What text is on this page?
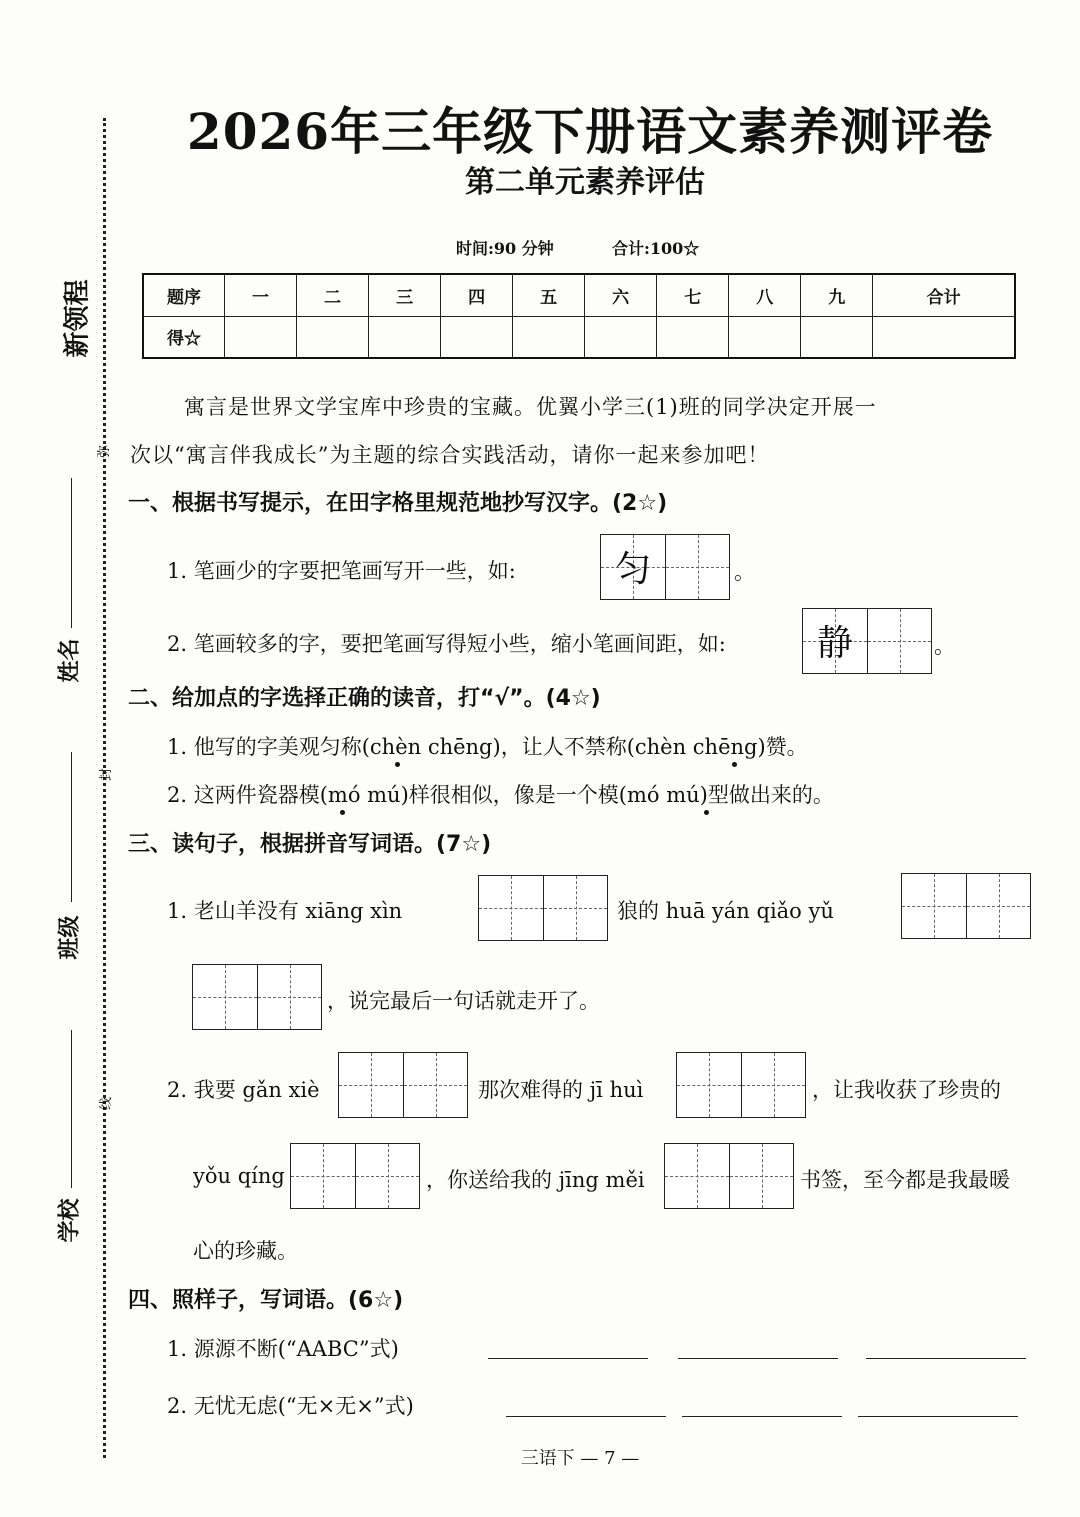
新领程
姓名
班级
学校
弥
封
线
2026年三年级下册语文素养测评卷
第二单元素养评估
时间:90 分钟	合计:100☆
题序	一	二	三	四	五	六	七	八	九	合计
得☆										
寓言是世界文学宝库中珍贵的宝藏。优翼小学三(1)班的同学决定开展一
次以“寓言伴我成长”为主题的综合实践活动，请你一起来参加吧！
一、根据书写提示，在田字格里规范地抄写汉字。(2☆)
1. 笔画少的字要把笔画写开一些，如:	匀	。
2. 笔画较多的字，要把笔画写得短小些，缩小笔画间距，如:	静	。
二、给加点的字选择正确的读音，打“√”。(4☆)
1. 他写的字美观匀称(chèn chēng)，让人不禁称(chèn chēng)赞。
2. 这两件瓷器模(mó mú)样很相似，像是一个模(mó mú)型做出来的。
三、读句子，根据拼音写词语。(7☆)
1. 老山羊没有 xiāng xìn	狼的 huā yán qiǎo yǔ
，说完最后一句话就走开了。
2. 我要 gǎn xiè	那次难得的 jī huì	，让我收获了珍贵的
yǒu qíng	，你送给我的 jīng měi	书签，至今都是我最暖
心的珍藏。
四、照样子，写词语。(6☆)
1. 源源不断(“AABC”式)
2. 无忧无虑(“无×无×”式)
三语下 — 7 —
